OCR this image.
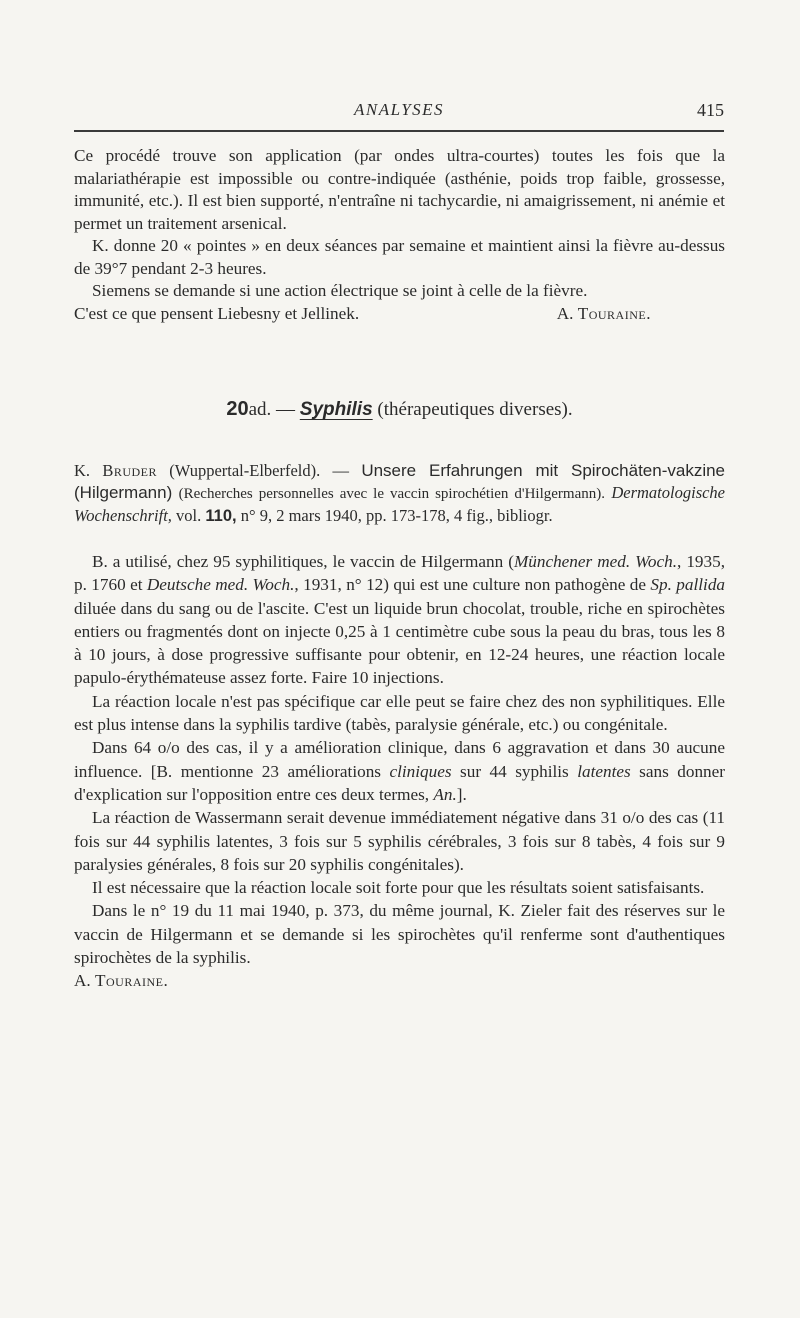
ANALYSES	415

Ce procédé trouve son application (par ondes ultra-courtes) toutes les fois que la malariathérapie est impossible ou contre-indiquée (asthénie, poids trop faible, grossesse, immunité, etc.). Il est bien supporté, n'entraîne ni tachycardie, ni amaigrissement, ni anémie et permet un traitement arsenical.

K. donne 20 « pointes » en deux séances par semaine et maintient ainsi la fièvre au-dessus de 39°7 pendant 2-3 heures.

Siemens se demande si une action électrique se joint à celle de la fièvre.

C'est ce que pensent Liebesny et Jellinek.	A. Touraine.

20ad. — Syphilis (thérapeutiques diverses).

K. Bruder (Wuppertal-Elberfeld). — Unsere Erfahrungen mit Spirochäten-vakzine (Hilgermann) (Recherches personnelles avec le vaccin spirochétien d'Hilgermann). Dermatologische Wochenschrift, vol. 110, n° 9, 2 mars 1940, pp. 173-178, 4 fig., bibliogr.

B. a utilisé, chez 95 syphilitiques, le vaccin de Hilgermann (Münchener med. Woch., 1935, p. 1760 et Deutsche med. Woch., 1931, n° 12) qui est une culture non pathogène de Sp. pallida diluée dans du sang ou de l'ascite. C'est un liquide brun chocolat, trouble, riche en spirochètes entiers ou fragmentés dont on injecte 0,25 à 1 centimètre cube sous la peau du bras, tous les 8 à 10 jours, à dose progressive suffisante pour obtenir, en 12-24 heures, une réaction locale papulo-érythémateuse assez forte. Faire 10 injections.

La réaction locale n'est pas spécifique car elle peut se faire chez des non syphilitiques. Elle est plus intense dans la syphilis tardive (tabès, paralysie générale, etc.) ou congénitale.

Dans 64 o/o des cas, il y a amélioration clinique, dans 6 aggravation et dans 30 aucune influence. [B. mentionne 23 améliorations cliniques sur 44 syphilis latentes sans donner d'explication sur l'opposition entre ces deux termes, An.].

La réaction de Wassermann serait devenue immédiatement négative dans 31 o/o des cas (11 fois sur 44 syphilis latentes, 3 fois sur 5 syphilis cérébrales, 3 fois sur 8 tabès, 4 fois sur 9 paralysies générales, 8 fois sur 20 syphilis congénitales).

Il est nécessaire que la réaction locale soit forte pour que les résultats soient satisfaisants.

Dans le n° 19 du 11 mai 1940, p. 373, du même journal, K. Zieler fait des réserves sur le vaccin de Hilgermann et se demande si les spirochètes qu'il renferme sont d'authentiques spirochètes de la syphilis.

A. Touraine.
